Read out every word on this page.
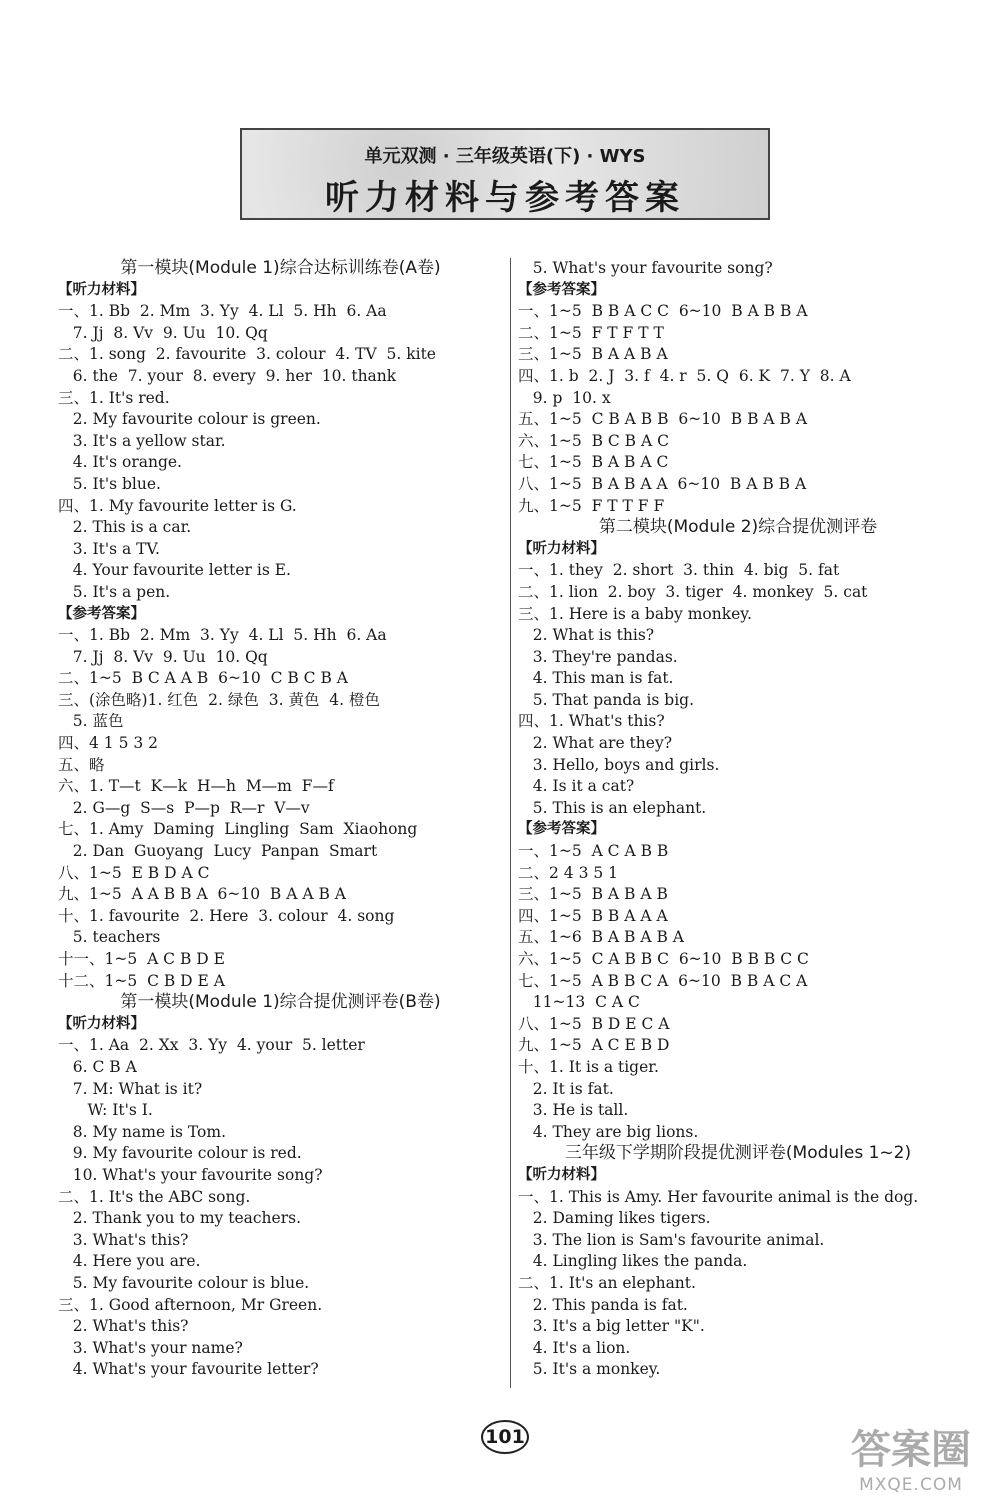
单元双测 · 三年级英语(下) · WYS
听力材料与参考答案
第一模块(Module 1)综合达标训练卷(A卷)
【听力材料】
一、1. Bb  2. Mm  3. Yy  4. Ll  5. Hh  6. Aa
7. Jj  8. Vv  9. Uu  10. Qq
二、1. song  2. favourite  3. colour  4. TV  5. kite
6. the  7. your  8. every  9. her  10. thank
三、1. It's red.
2. My favourite colour is green.
3. It's a yellow star.
4. It's orange.
5. It's blue.
四、1. My favourite letter is G.
2. This is a car.
3. It's a TV.
4. Your favourite letter is E.
5. It's a pen.
【参考答案】
一、1. Bb  2. Mm  3. Yy  4. Ll  5. Hh  6. Aa
7. Jj  8. Vv  9. Uu  10. Qq
二、1~5  B C A A B  6~10  C B C B A
三、(涂色略)1. 红色  2. 绿色  3. 黄色  4. 橙色
5. 蓝色
四、4 1 5 3 2
五、略
六、1. T—t  K—k  H—h  M—m  F—f
2. G—g  S—s  P—p  R—r  V—v
七、1. Amy  Daming  Lingling  Sam  Xiaohong
2. Dan  Guoyang  Lucy  Panpan  Smart
八、1~5  E B D A C
九、1~5  A A B B A  6~10  B A A B A
十、1. favourite  2. Here  3. colour  4. song
5. teachers
十一、1~5  A C B D E
十二、1~5  C B D E A
第一模块(Module 1)综合提优测评卷(B卷)
【听力材料】
一、1. Aa  2. Xx  3. Yy  4. your  5. letter
6. C B A
7. M: What is it?
W: It's I.
8. My name is Tom.
9. My favourite colour is red.
10. What's your favourite song?
二、1. It's the ABC song.
2. Thank you to my teachers.
3. What's this?
4. Here you are.
5. My favourite colour is blue.
三、1. Good afternoon, Mr Green.
2. What's this?
3. What's your name?
4. What's your favourite letter?
5. What's your favourite song?
【参考答案】
一、1~5  B B A C C  6~10  B A B B A
二、1~5  F T F T T
三、1~5  B A A B A
四、1. b  2. J  3. f  4. r  5. Q  6. K  7. Y  8. A
9. p  10. x
五、1~5  C B A B B  6~10  B B A B A
六、1~5  B C B A C
七、1~5  B A B A C
八、1~5  B A B A A  6~10  B A B B A
九、1~5  F T T F F
第二模块(Module 2)综合提优测评卷
【听力材料】
一、1. they  2. short  3. thin  4. big  5. fat
二、1. lion  2. boy  3. tiger  4. monkey  5. cat
三、1. Here is a baby monkey.
2. What is this?
3. They're pandas.
4. This man is fat.
5. That panda is big.
四、1. What's this?
2. What are they?
3. Hello, boys and girls.
4. Is it a cat?
5. This is an elephant.
【参考答案】
一、1~5  A C A B B
二、2 4 3 5 1
三、1~5  B A B A B
四、1~5  B B A A A
五、1~6  B A B A B A
六、1~5  C A B B C  6~10  B B B C C
七、1~5  A B B C A  6~10  B B A C A
11~13  C A C
八、1~5  B D E C A
九、1~5  A C E B D
十、1. It is a tiger.
2. It is fat.
3. He is tall.
4. They are big lions.
三年级下学期阶段提优测评卷(Modules 1~2)
【听力材料】
一、1. This is Amy. Her favourite animal is the dog.
2. Daming likes tigers.
3. The lion is Sam's favourite animal.
4. Lingling likes the panda.
二、1. It's an elephant.
2. This panda is fat.
3. It's a big letter "K".
4. It's a lion.
5. It's a monkey.
101	答案圈
MXQE.COM
